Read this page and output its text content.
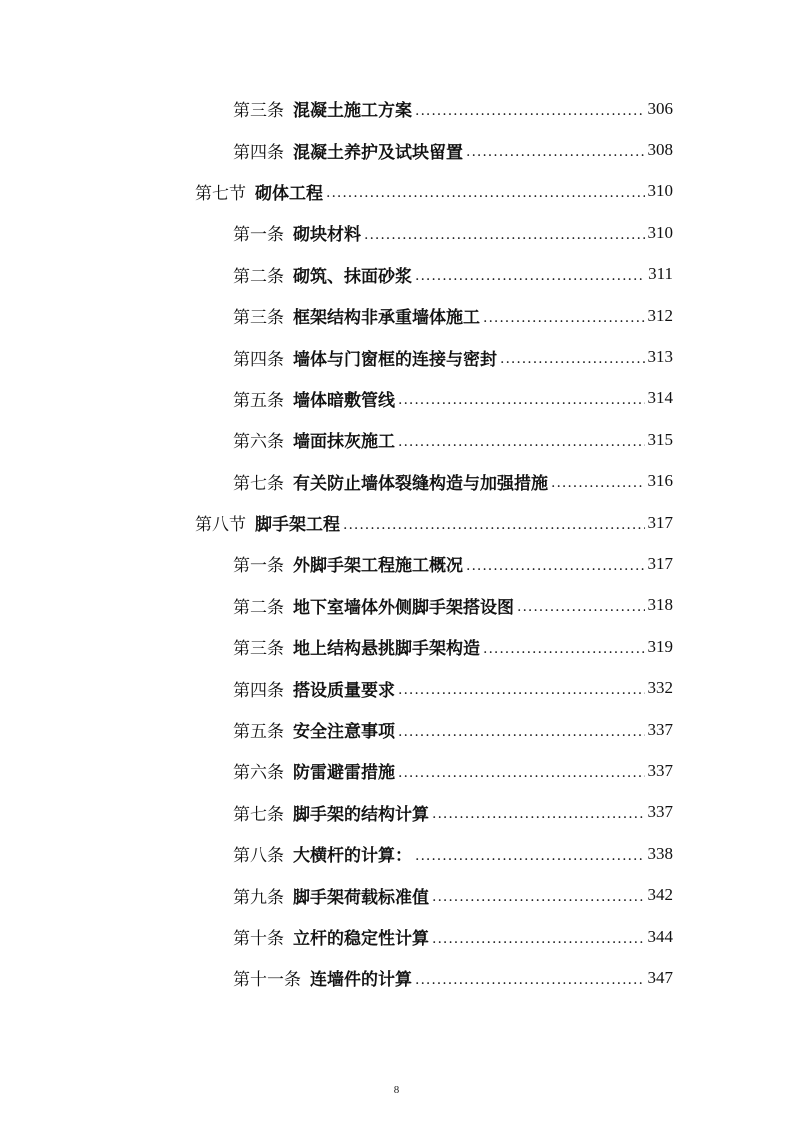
第三条 混凝土施工方案 .....	306
第四条 混凝土养护及试块留置 .....	308
第七节 砌体工程 .....	310
第一条 砌块材料 .....	310
第二条 砌筑、抹面砂浆 .....	311
第三条 框架结构非承重墙体施工 .....	312
第四条 墙体与门窗框的连接与密封 .....	313
第五条 墙体暗敷管线 .....	314
第六条 墙面抹灰施工 .....	315
第七条 有关防止墙体裂缝构造与加强措施 .....	316
第八节 脚手架工程 .....	317
第一条 外脚手架工程施工概况 .....	317
第二条 地下室墙体外侧脚手架搭设图 .....	318
第三条 地上结构悬挑脚手架构造 .....	319
第四条 搭设质量要求 .....	332
第五条 安全注意事项 .....	337
第六条 防雷避雷措施 .....	337
第七条 脚手架的结构计算 .....	337
第八条 大横杆的计算： .....	338
第九条 脚手架荷载标准值 .....	342
第十条 立杆的稳定性计算 .....	344
第十一条 连墙件的计算 .....	347
8
